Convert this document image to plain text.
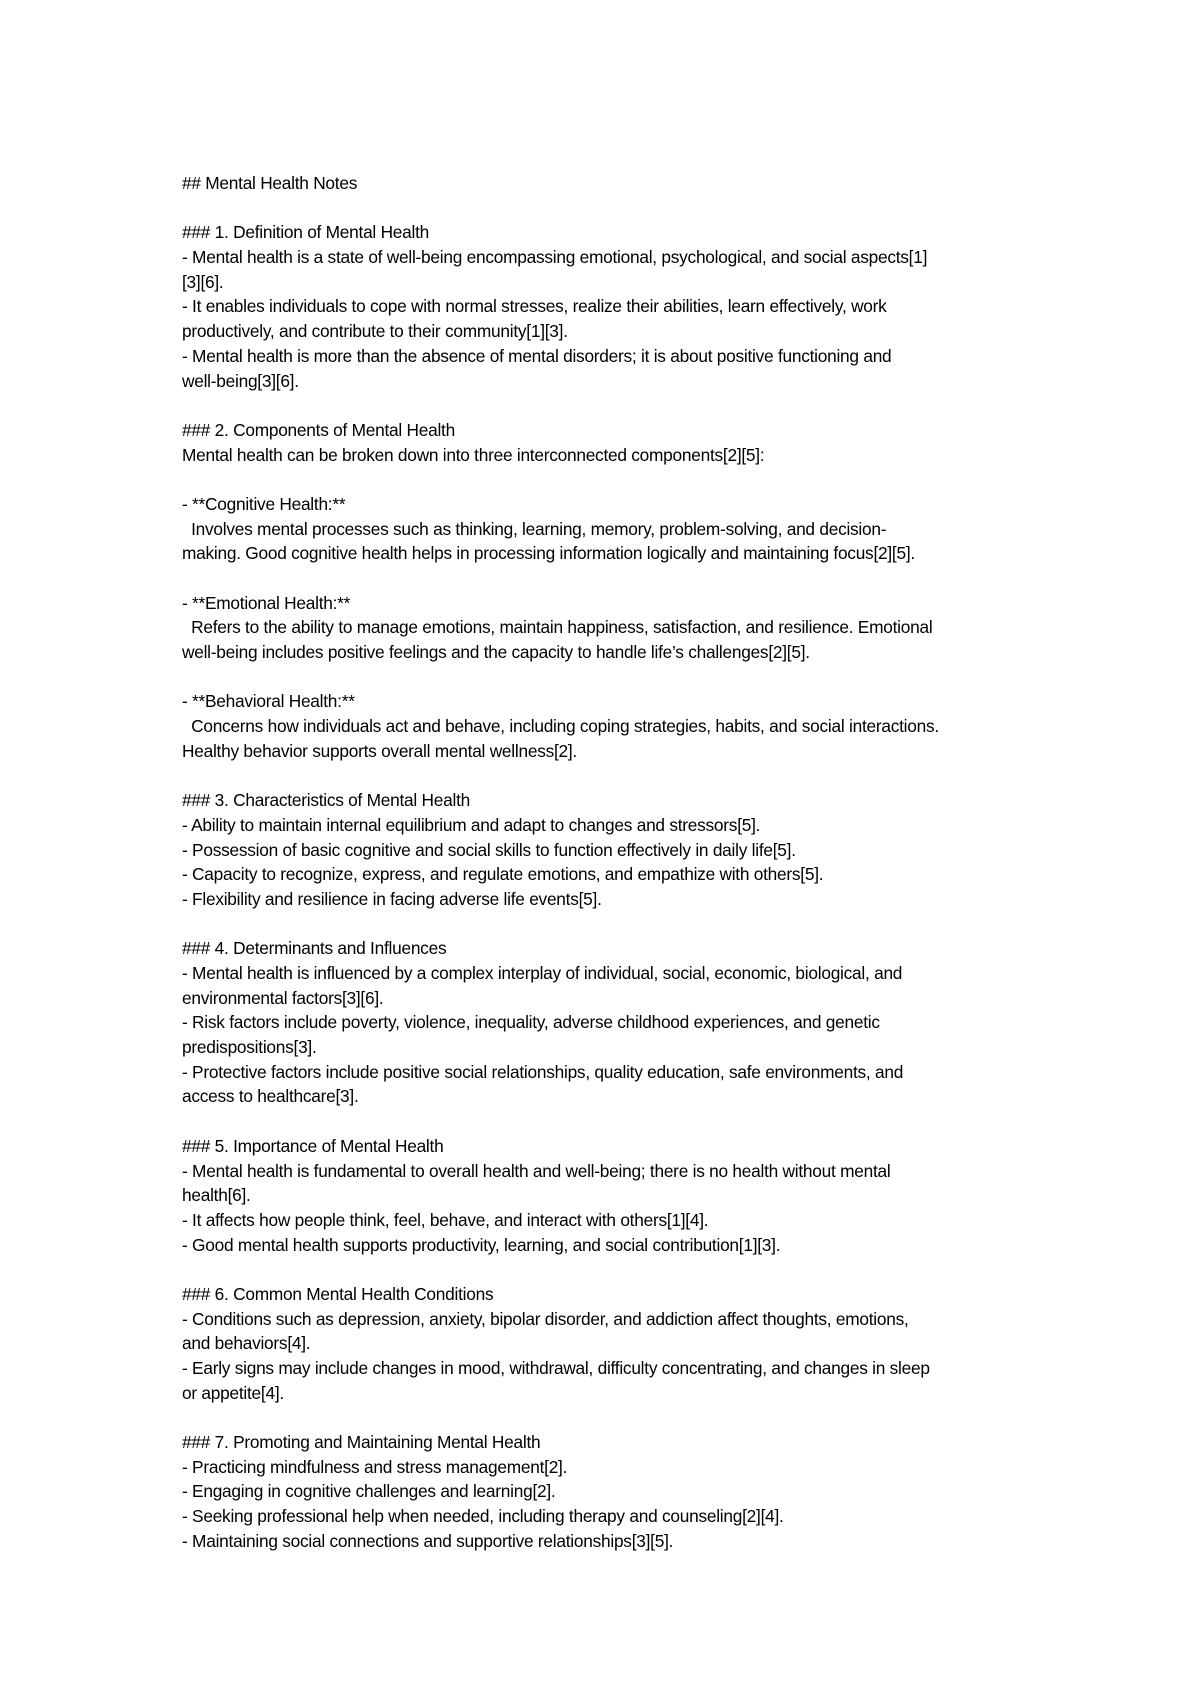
## Mental Health Notes
### 1. Definition of Mental Health
- Mental health is a state of well-being encompassing emotional, psychological, and social aspects[1]
[3][6].
- It enables individuals to cope with normal stresses, realize their abilities, learn effectively, work
productively, and contribute to their community[1][3].
- Mental health is more than the absence of mental disorders; it is about positive functioning and
well-being[3][6].
### 2. Components of Mental Health
Mental health can be broken down into three interconnected components[2][5]:
- **Cognitive Health:**
Involves mental processes such as thinking, learning, memory, problem-solving, and decision-
making. Good cognitive health helps in processing information logically and maintaining focus[2][5].
- **Emotional Health:**
Refers to the ability to manage emotions, maintain happiness, satisfaction, and resilience. Emotional
well-being includes positive feelings and the capacity to handle life’s challenges[2][5].
- **Behavioral Health:**
Concerns how individuals act and behave, including coping strategies, habits, and social interactions.
Healthy behavior supports overall mental wellness[2].
### 3. Characteristics of Mental Health
- Ability to maintain internal equilibrium and adapt to changes and stressors[5].
- Possession of basic cognitive and social skills to function effectively in daily life[5].
- Capacity to recognize, express, and regulate emotions, and empathize with others[5].
- Flexibility and resilience in facing adverse life events[5].
### 4. Determinants and Influences
- Mental health is influenced by a complex interplay of individual, social, economic, biological, and
environmental factors[3][6].
- Risk factors include poverty, violence, inequality, adverse childhood experiences, and genetic
predispositions[3].
- Protective factors include positive social relationships, quality education, safe environments, and
access to healthcare[3].
### 5. Importance of Mental Health
- Mental health is fundamental to overall health and well-being; there is no health without mental
health[6].
- It affects how people think, feel, behave, and interact with others[1][4].
- Good mental health supports productivity, learning, and social contribution[1][3].
### 6. Common Mental Health Conditions
- Conditions such as depression, anxiety, bipolar disorder, and addiction affect thoughts, emotions,
and behaviors[4].
- Early signs may include changes in mood, withdrawal, difficulty concentrating, and changes in sleep
or appetite[4].
### 7. Promoting and Maintaining Mental Health
- Practicing mindfulness and stress management[2].
- Engaging in cognitive challenges and learning[2].
- Seeking professional help when needed, including therapy and counseling[2][4].
- Maintaining social connections and supportive relationships[3][5].
